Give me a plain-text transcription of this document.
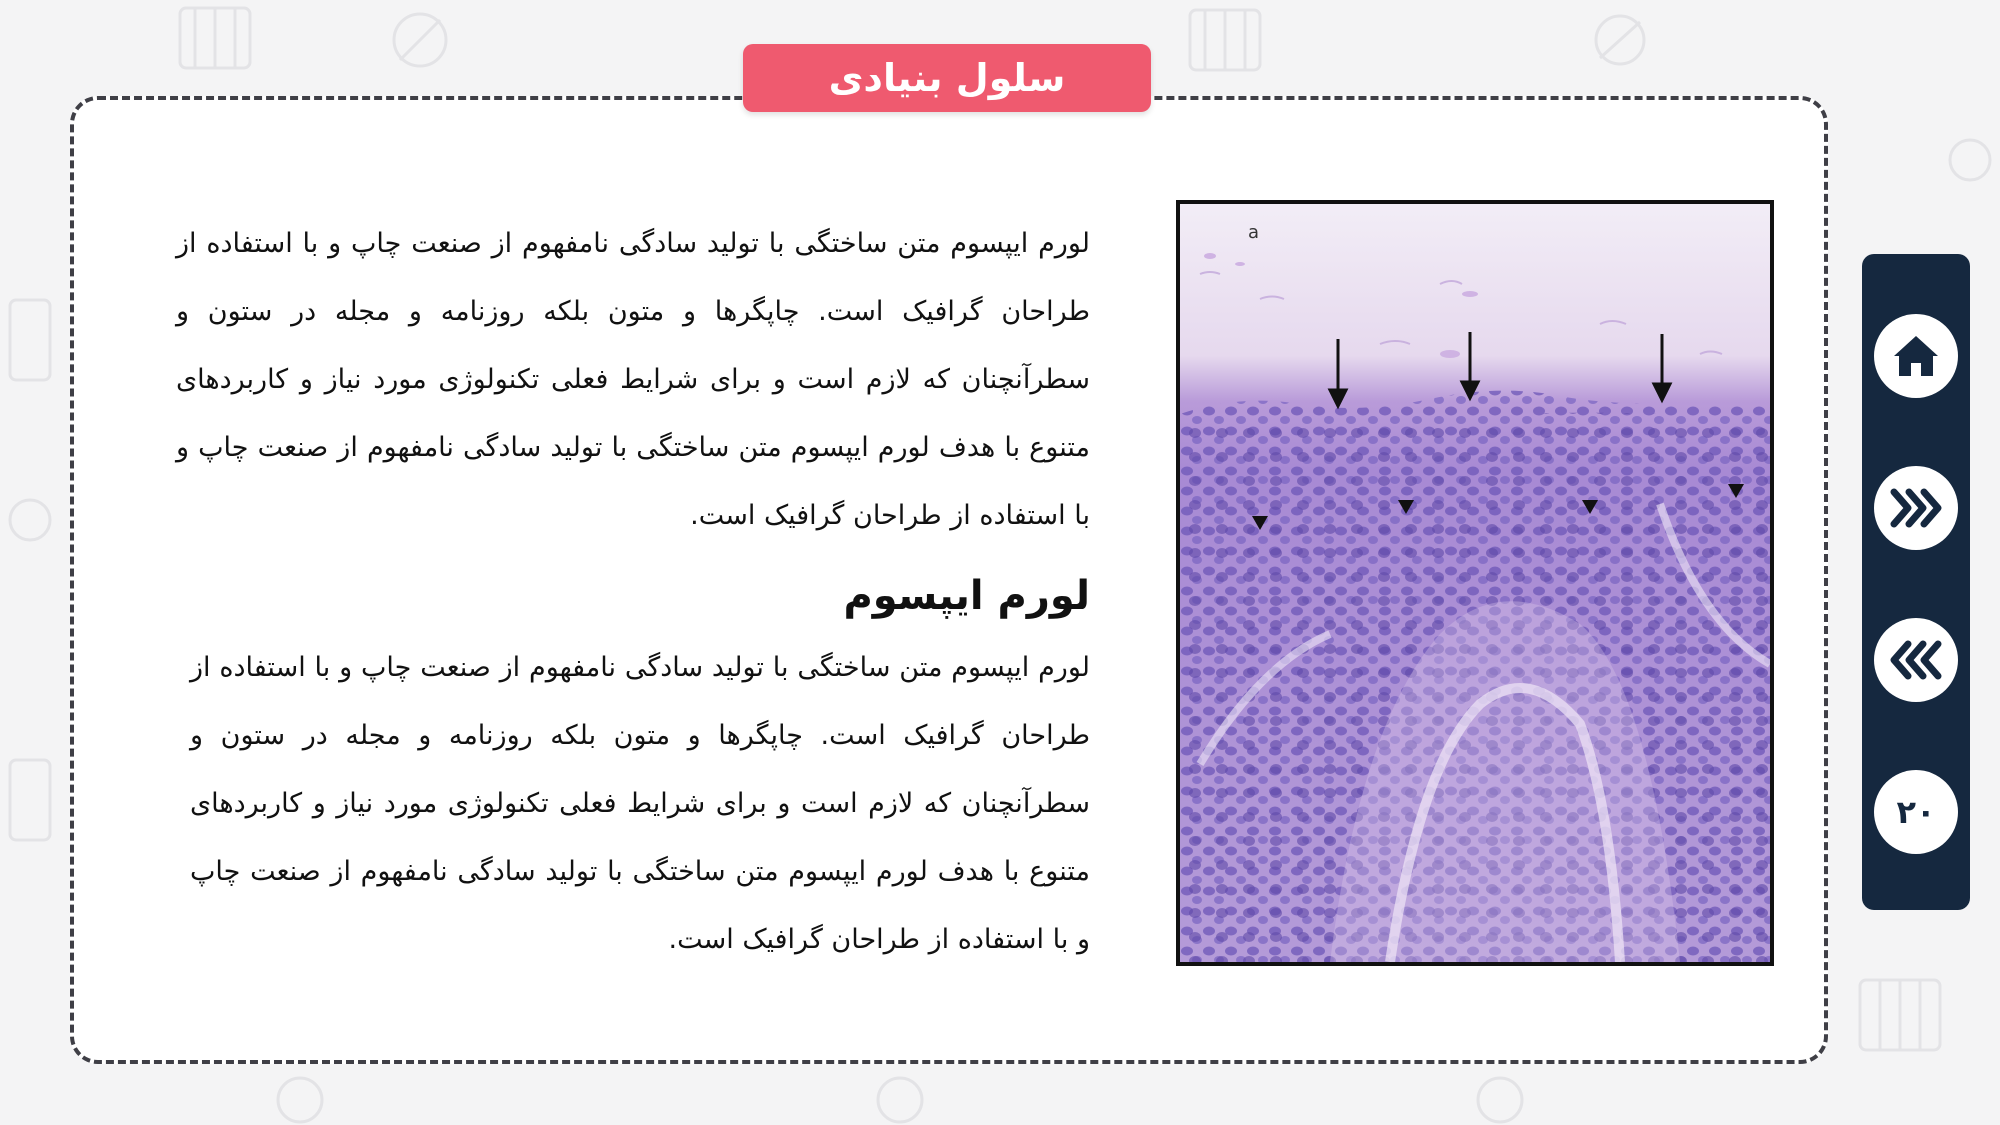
سلول بنیادی

لورم ایپسوم متن ساختگی با تولید سادگی نامفهوم از صنعت چاپ و با استفاده از طراحان گرافیک است. چاپگرها و متون بلکه روزنامه و مجله در ستون و سطرآنچنان که لازم است و برای شرایط فعلی تکنولوژی مورد نیاز و کاربردهای متنوع با هدف لورم ایپسوم متن ساختگی با تولید سادگی نامفهوم از صنعت چاپ و با استفاده از طراحان گرافیک است.

لورم ایپسوم

لورم ایپسوم متن ساختگی با تولید سادگی نامفهوم از صنعت چاپ و با استفاده از طراحان گرافیک است. چاپگرها و متون بلکه روزنامه و مجله در ستون و سطرآنچنان که لازم است و برای شرایط فعلی تکنولوژی مورد نیاز و کاربردهای متنوع با هدف لورم ایپسوم متن ساختگی با تولید سادگی نامفهوم از صنعت چاپ و با استفاده از طراحان گرافیک است.

a
۲۰
